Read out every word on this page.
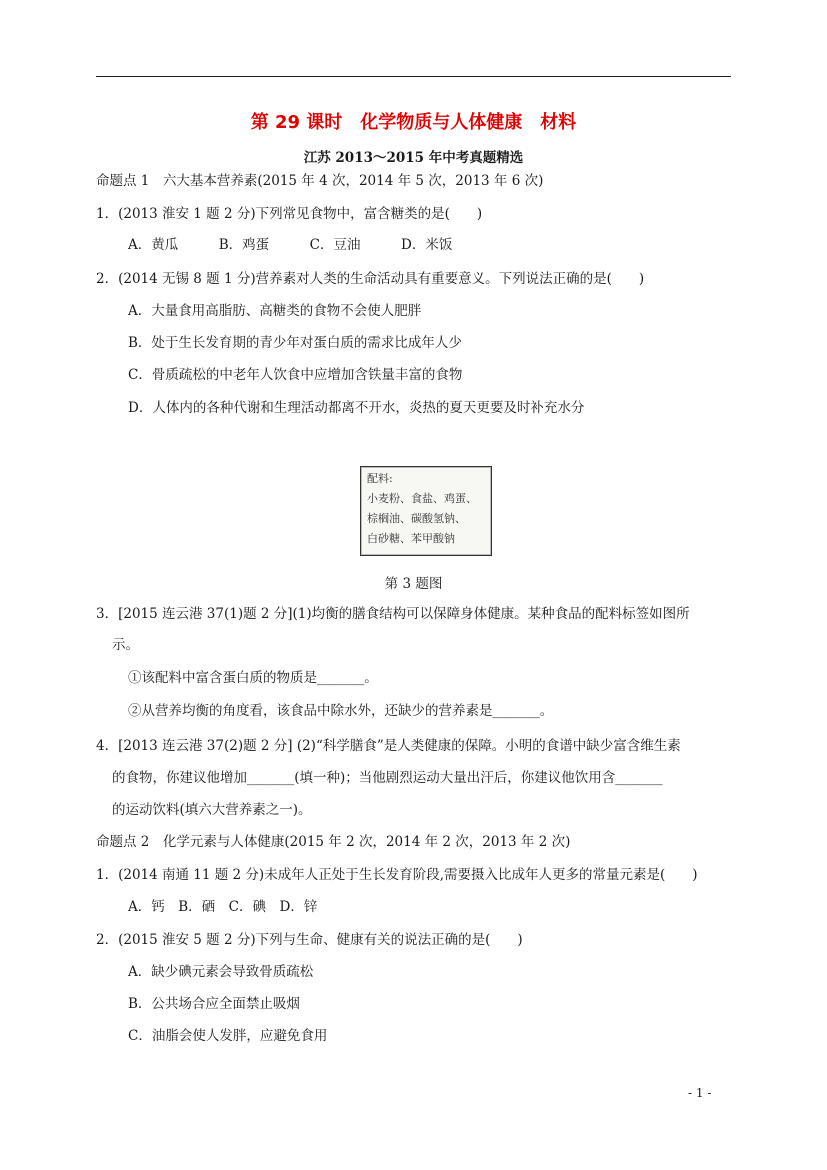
第 29 课时　化学物质与人体健康　材料
江苏 2013～2015 年中考真题精选
命题点 1　六大基本营养素(2015 年 4 次，2014 年 5 次，2013 年 6 次)
1．(2013 淮安 1 题 2 分)下列常见食物中，富含糖类的是(　　)
A．黄瓜　　　B．鸡蛋　　　C．豆油　　　D．米饭
2．(2014 无锡 8 题 1 分)营养素对人类的生命活动具有重要意义。下列说法正确的是(　　)
A．大量食用高脂肪、高糖类的食物不会使人肥胖
B．处于生长发育期的青少年对蛋白质的需求比成年人少
C．骨质疏松的中老年人饮食中应增加含铁量丰富的食物
D．人体内的各种代谢和生理活动都离不开水，炎热的夏天更要及时补充水分
配料:
小麦粉、食盐、鸡蛋、
棕榈油、碳酸氢钠、
白砂糖、苯甲酸钠
第 3 题图
3．[2015 连云港 37(1)题 2 分](1)均衡的膳食结构可以保障身体健康。某种食品的配料标签如图所
示。
①该配料中富含蛋白质的物质是_______。
②从营养均衡的角度看，该食品中除水外，还缺少的营养素是_______。
4．[2013 连云港 37(2)题 2 分] (2)“科学膳食”是人类健康的保障。小明的食谱中缺少富含维生素
的食物，你建议他增加_______(填一种)；当他剧烈运动大量出汗后，你建议他饮用含_______
的运动饮料(填六大营养素之一)。
命题点 2　化学元素与人体健康(2015 年 2 次，2014 年 2 次，2013 年 2 次)
1．(2014 南通 11 题 2 分)未成年人正处于生长发育阶段,需要摄入比成年人更多的常量元素是(　　)
A．钙　B．硒　C．碘　D．锌
2．(2015 淮安 5 题 2 分)下列与生命、健康有关的说法正确的是(　　)
A．缺少碘元素会导致骨质疏松
B．公共场合应全面禁止吸烟
C．油脂会使人发胖，应避免食用
- 1 -
